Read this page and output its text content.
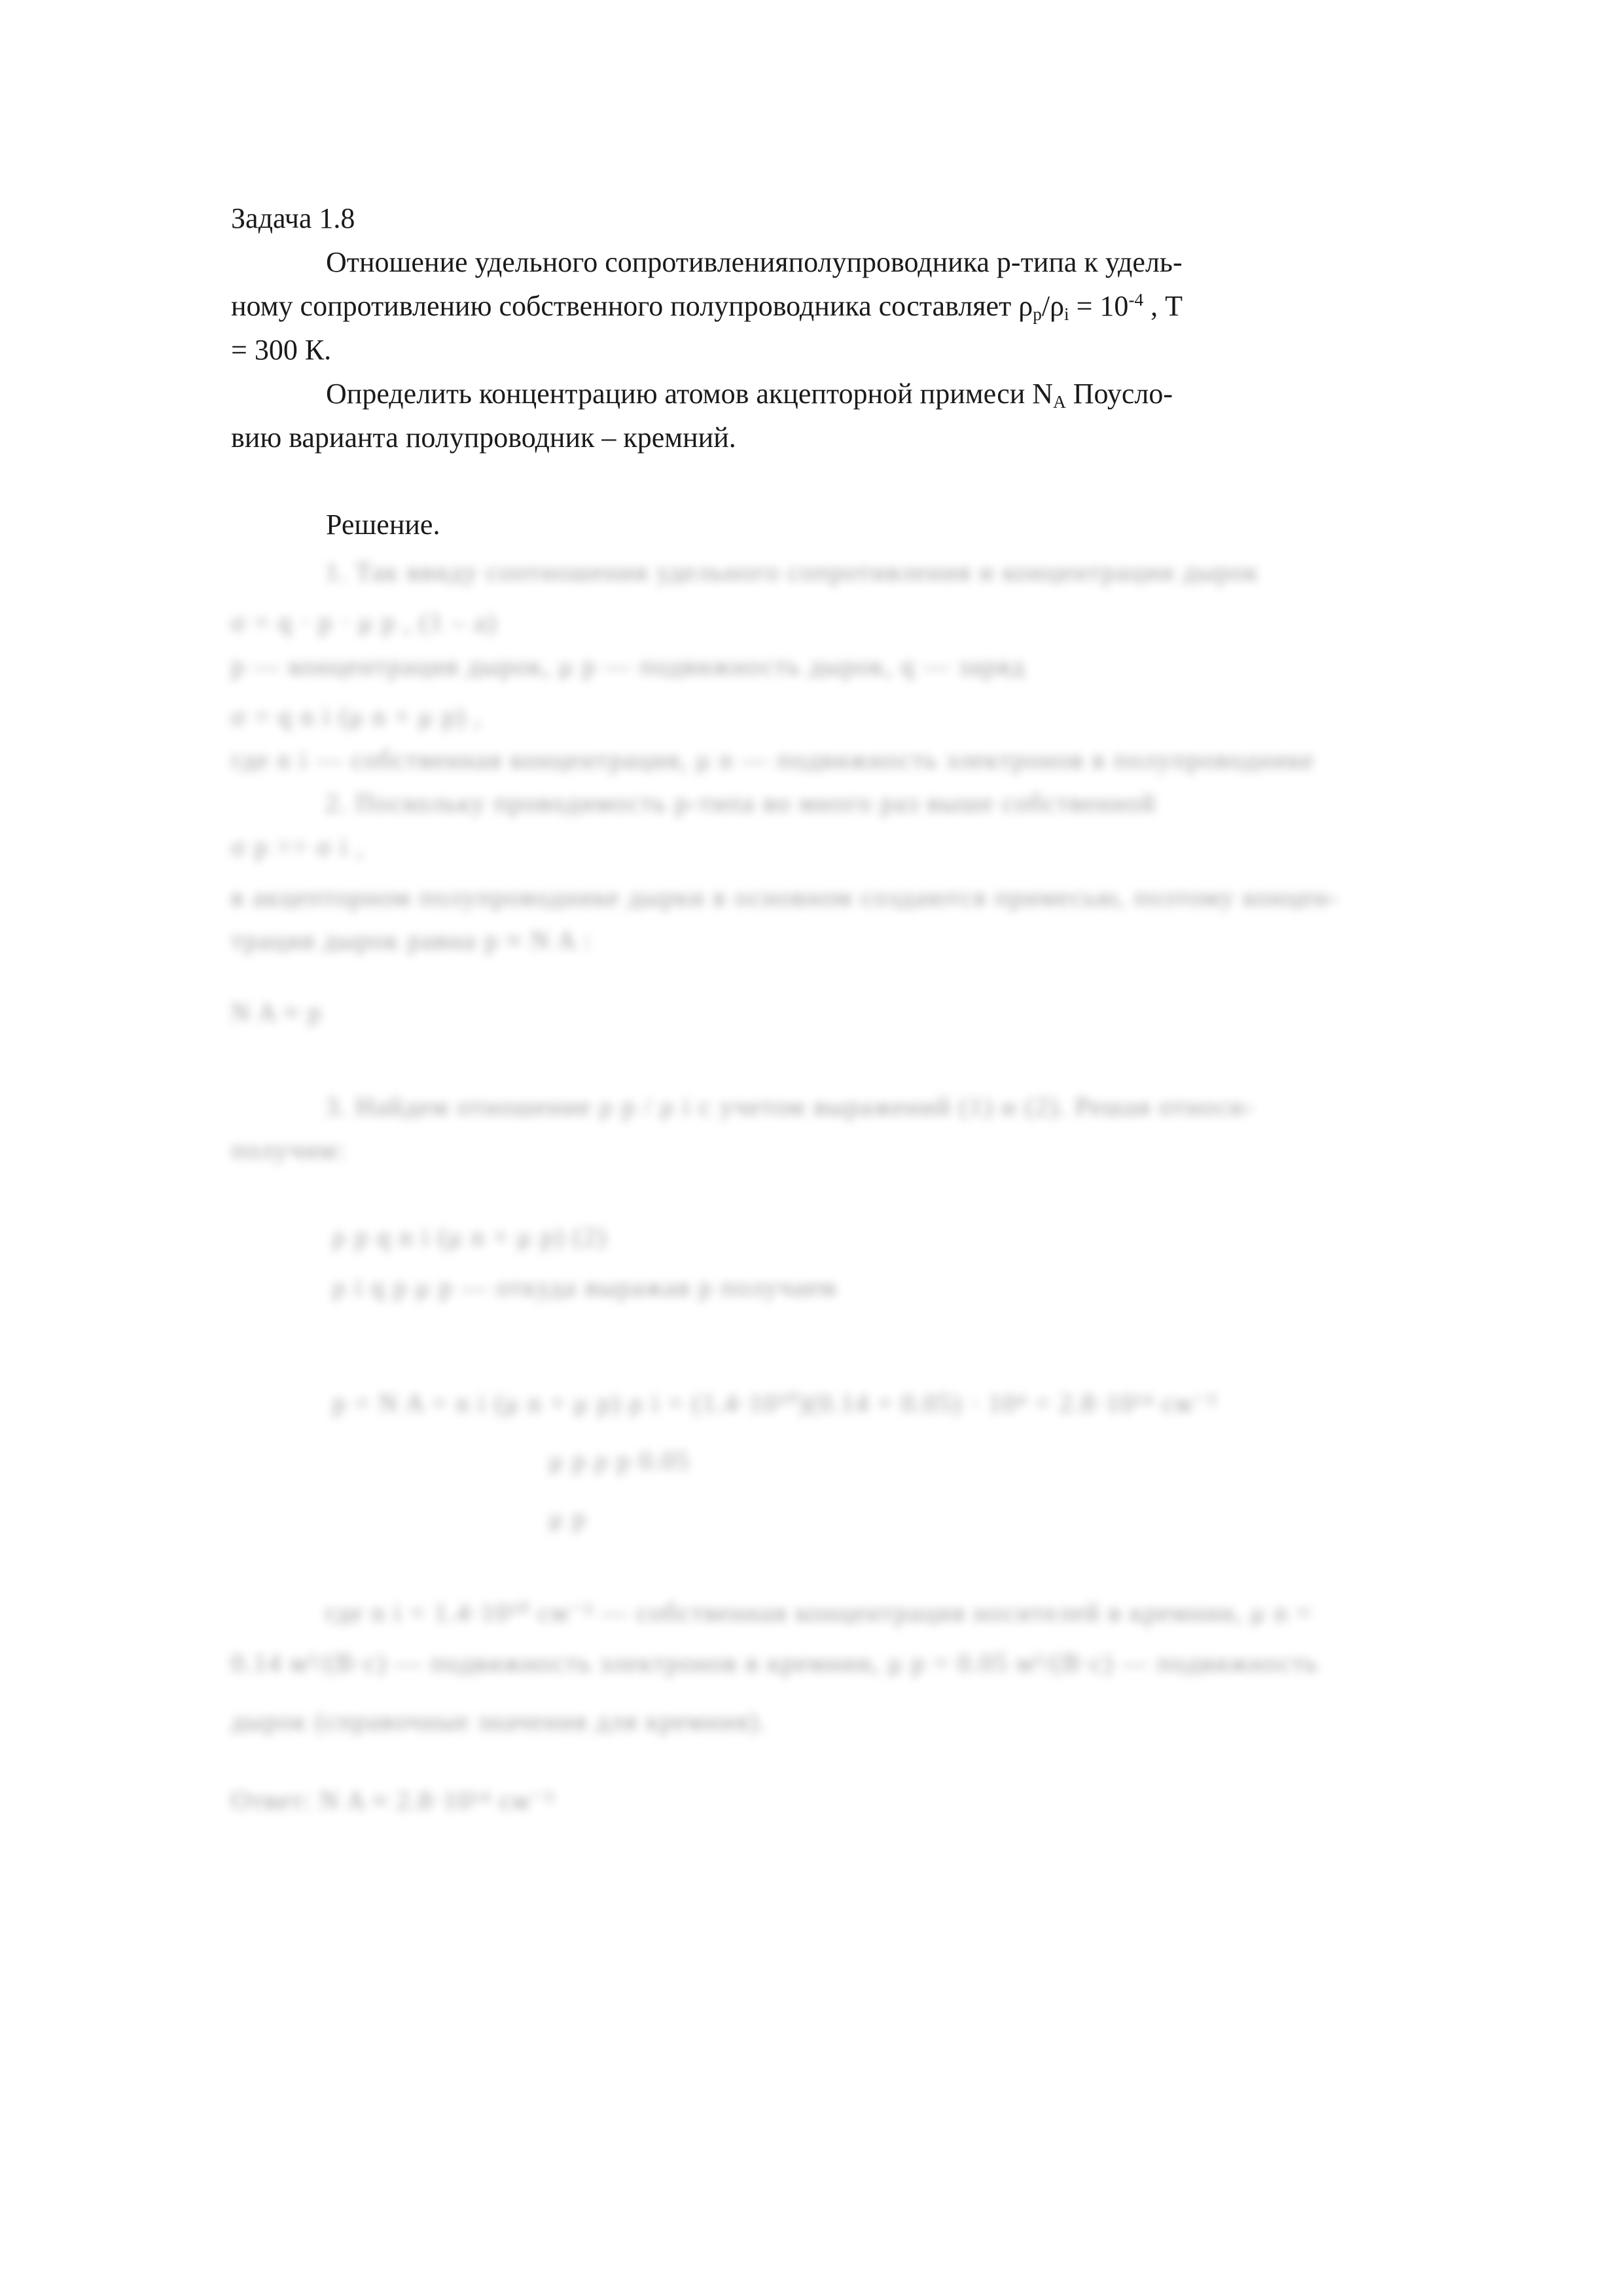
Задача 1.8
Отношение удельного сопротивленияполупроводника p-типа к удель-
ному сопротивлению собственного полупроводника составляет $\rho_p/\rho_i = 10^{-4}$ , Т
= 300 К.
Определить концентрацию атомов акцепторной примеси $N_A$ Поусло-
вию варианта полупроводник – кремний.
Решение.
1. Так ввиду соотношения удельного сопротивления и концентрации дырок
σ = q · p · μ p , (1 – a)
р — концентрация дырок, μ p — подвижность дырок, q — заряд
σ = q n i (μ n + μ p) ,
где n i — собственная концентрация, μ n — подвижность электронов в полупроводнике
2. Поскольку проводимость p-типа во много раз выше собственной
σ p >> σ i ,
в акцепторном полупроводнике дырки в основном создаются примесью, поэтому концен-
трация дырок равна p ≈ N A :
N A ≈ p
3. Найдем отношение ρ p / ρ i с учетом выражений (1) и (2). Решая относи-
получим:
ρ p q n i (μ n + μ p) (2)
ρ i q p μ p — откуда выражая p получаем
p = N A = n i (μ n + μ p) ρ i = (1.4·10¹⁰)(0.14 + 0.05) · 10⁴ = 2.8·10¹⁴ см⁻³
μ p ρ p 0.05
μ p
где n i = 1.4·10¹⁰ см⁻³ — собственная концентрация носителей в кремнии, μ n =
0.14 м²/(В·с) — подвижность электронов в кремнии, μ p = 0.05 м²/(В·с) — подвижность
дырок (справочные значения для кремния).
Ответ: N A ≈ 2.8·10¹⁴ см⁻³
